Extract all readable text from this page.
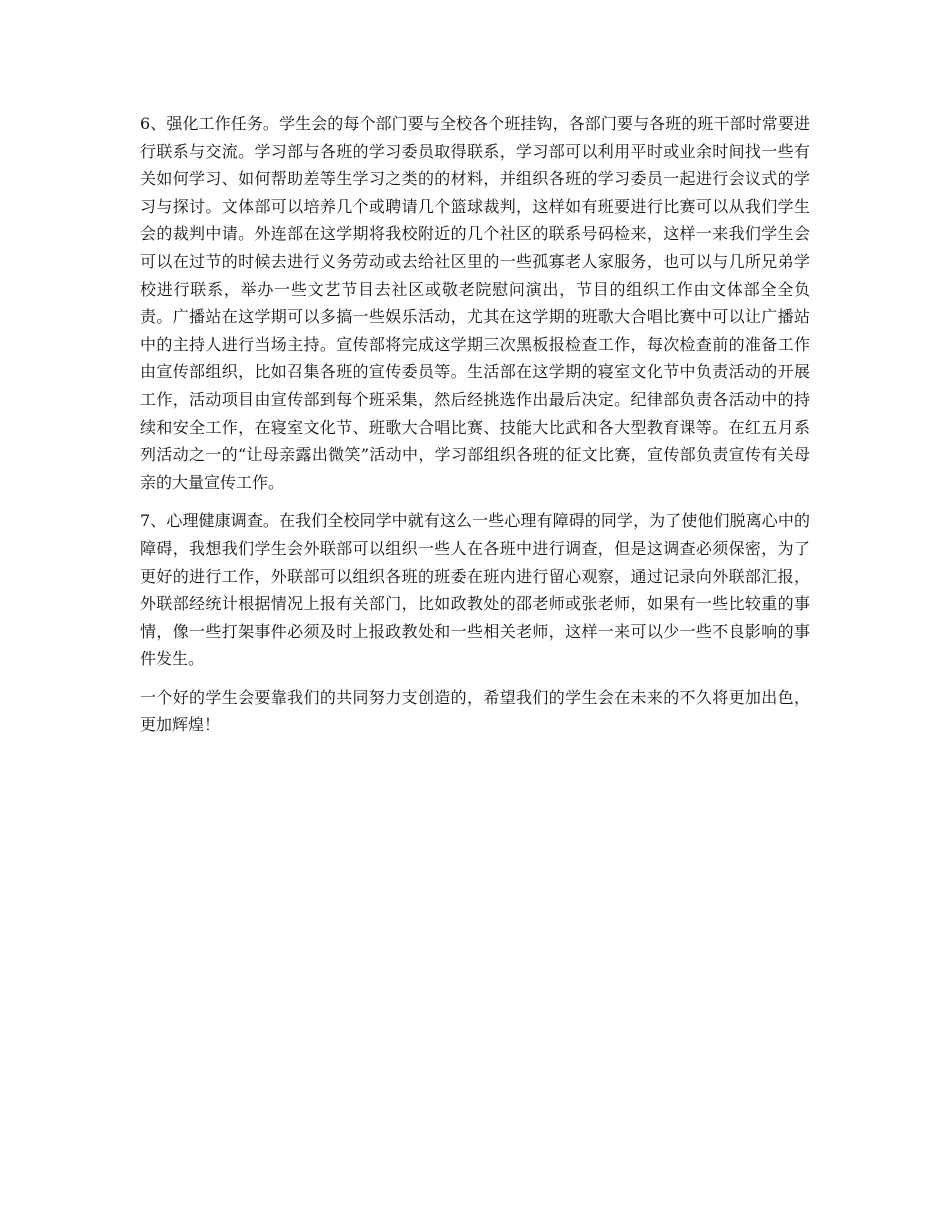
6、强化工作任务。学生会的每个部门要与全校各个班挂钩，各部门要与各班的班干部时常要进行联系与交流。学习部与各班的学习委员取得联系，学习部可以利用平时或业余时间找一些有关如何学习、如何帮助差等生学习之类的的材料，并组织各班的学习委员一起进行会议式的学习与探讨。文体部可以培养几个或聘请几个篮球裁判，这样如有班要进行比赛可以从我们学生会的裁判中请。外连部在这学期将我校附近的几个社区的联系号码检来，这样一来我们学生会可以在过节的时候去进行义务劳动或去给社区里的一些孤寡老人家服务，也可以与几所兄弟学校进行联系，举办一些文艺节目去社区或敬老院慰问演出，节目的组织工作由文体部全全负责。广播站在这学期可以多搞一些娱乐活动，尤其在这学期的班歌大合唱比赛中可以让广播站中的主持人进行当场主持。宣传部将完成这学期三次黑板报检查工作，每次检查前的准备工作由宣传部组织，比如召集各班的宣传委员等。生活部在这学期的寝室文化节中负责活动的开展工作，活动项目由宣传部到每个班采集，然后经挑选作出最后决定。纪律部负责各活动中的持续和安全工作，在寝室文化节、班歌大合唱比赛、技能大比武和各大型教育课等。在红五月系列活动之一的“让母亲露出微笑”活动中，学习部组织各班的征文比赛，宣传部负责宣传有关母亲的大量宣传工作。

7、心理健康调查。在我们全校同学中就有这么一些心理有障碍的同学，为了使他们脱离心中的障碍，我想我们学生会外联部可以组织一些人在各班中进行调查，但是这调查必须保密，为了更好的进行工作，外联部可以组织各班的班委在班内进行留心观察，通过记录向外联部汇报，外联部经统计根据情况上报有关部门，比如政教处的邵老师或张老师，如果有一些比较重的事情，像一些打架事件必须及时上报政教处和一些相关老师，这样一来可以少一些不良影响的事件发生。

一个好的学生会要靠我们的共同努力支创造的，希望我们的学生会在未来的不久将更加出色，更加辉煌！
